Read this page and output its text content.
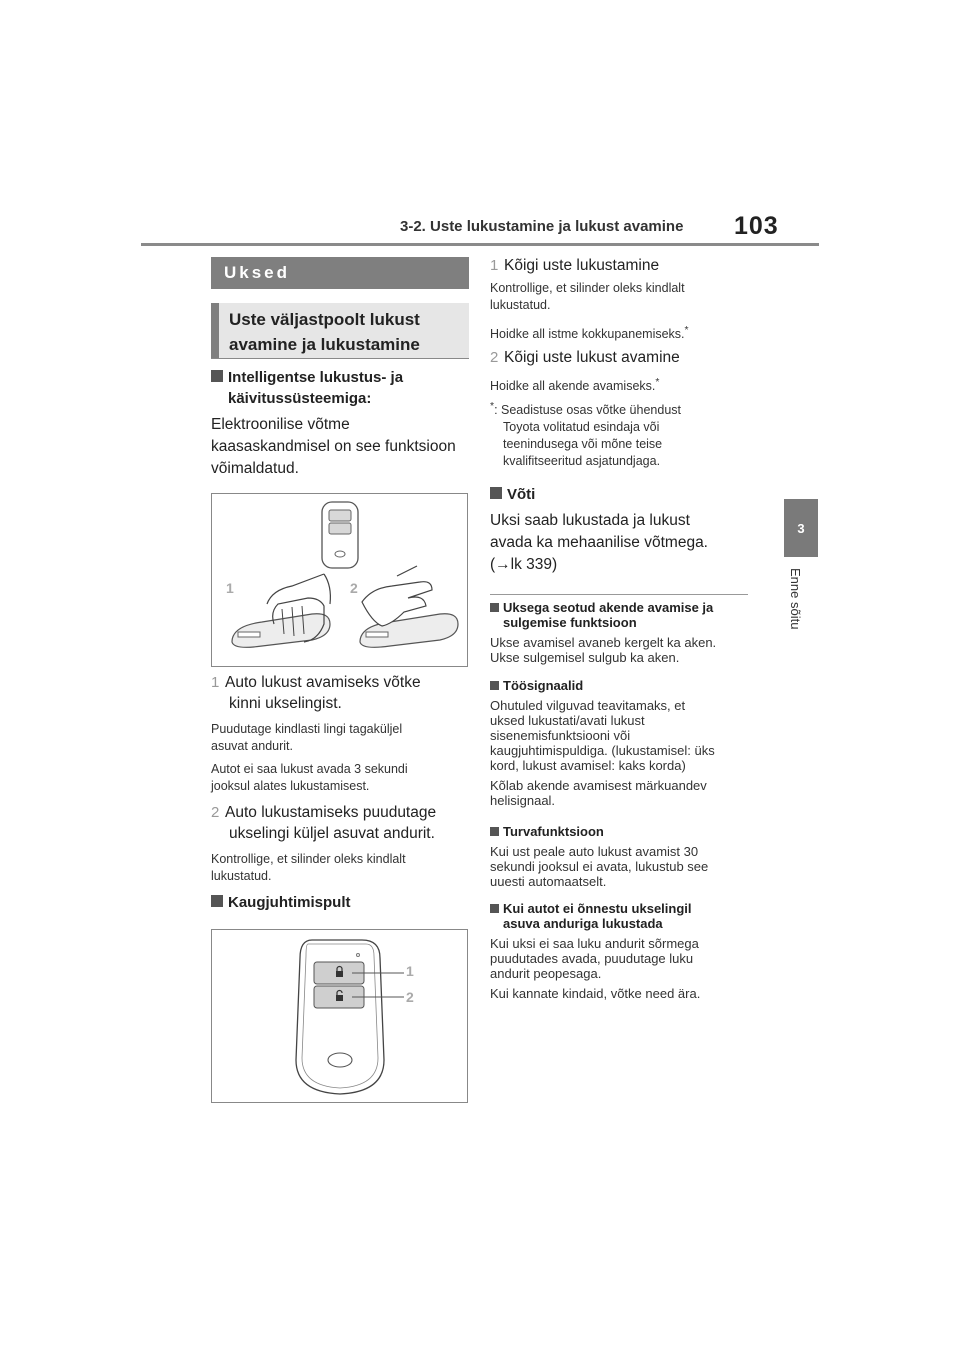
3-2. Uste lukustamine ja lukust avamine 103
3
Enne sõitu
Uksed
Uste väljastpoolt lukust
avamine ja lukustamine
Intelligentse lukustus- ja
käivitussüsteemiga:
Elektroonilise võtme
kaasaskandmisel on see funktsioon
võimaldatud.
1	2
1 Auto lukust avamiseks võtke
kinni ukselingist.
Puudutage kindlasti lingi tagaküljel
asuvat andurit.
Autot ei saa lukust avada 3 sekundi
jooksul alates lukustamisest.
2 Auto lukustamiseks puudutage
ukselingi küljel asuvat andurit.
Kontrollige, et silinder oleks kindlalt
lukustatud.
Kaugjuhtimispult
1
2
1 Kõigi uste lukustamine
Kontrollige, et silinder oleks kindlalt
lukustatud.
Hoidke all istme kokkupanemiseks.*
2 Kõigi uste lukust avamine
Hoidke all akende avamiseks.*
*: Seadistuse osas võtke ühendust
Toyota volitatud esindaja või
teenindusega või mõne teise
kvalifitseeritud asjatundjaga.
Võti
Uksi saab lukustada ja lukust
avada ka mehaanilise võtmega.
(→lk 339)
Uksega seotud akende avamise ja
sulgemise funktsioon
Ukse avamisel avaneb kergelt ka aken.
Ukse sulgemisel sulgub ka aken.
Töösignaalid
Ohutuled vilguvad teavitamaks, et
uksed lukustati/avati lukust
sisenemisfunktsiooni või
kaugjuhtimispuldiga. (lukustamisel: üks
kord, lukust avamisel: kaks korda)
Kõlab akende avamisest märkuandev
helisignaal.
Turvafunktsioon
Kui ust peale auto lukust avamist 30
sekundi jooksul ei avata, lukustub see
uuesti automaatselt.
Kui autot ei õnnestu ukselingil
asuva anduriga lukustada
Kui uksi ei saa luku andurit sõrmega
puudutades avada, puudutage luku
andurit peopesaga.
Kui kannate kindaid, võtke need ära.
